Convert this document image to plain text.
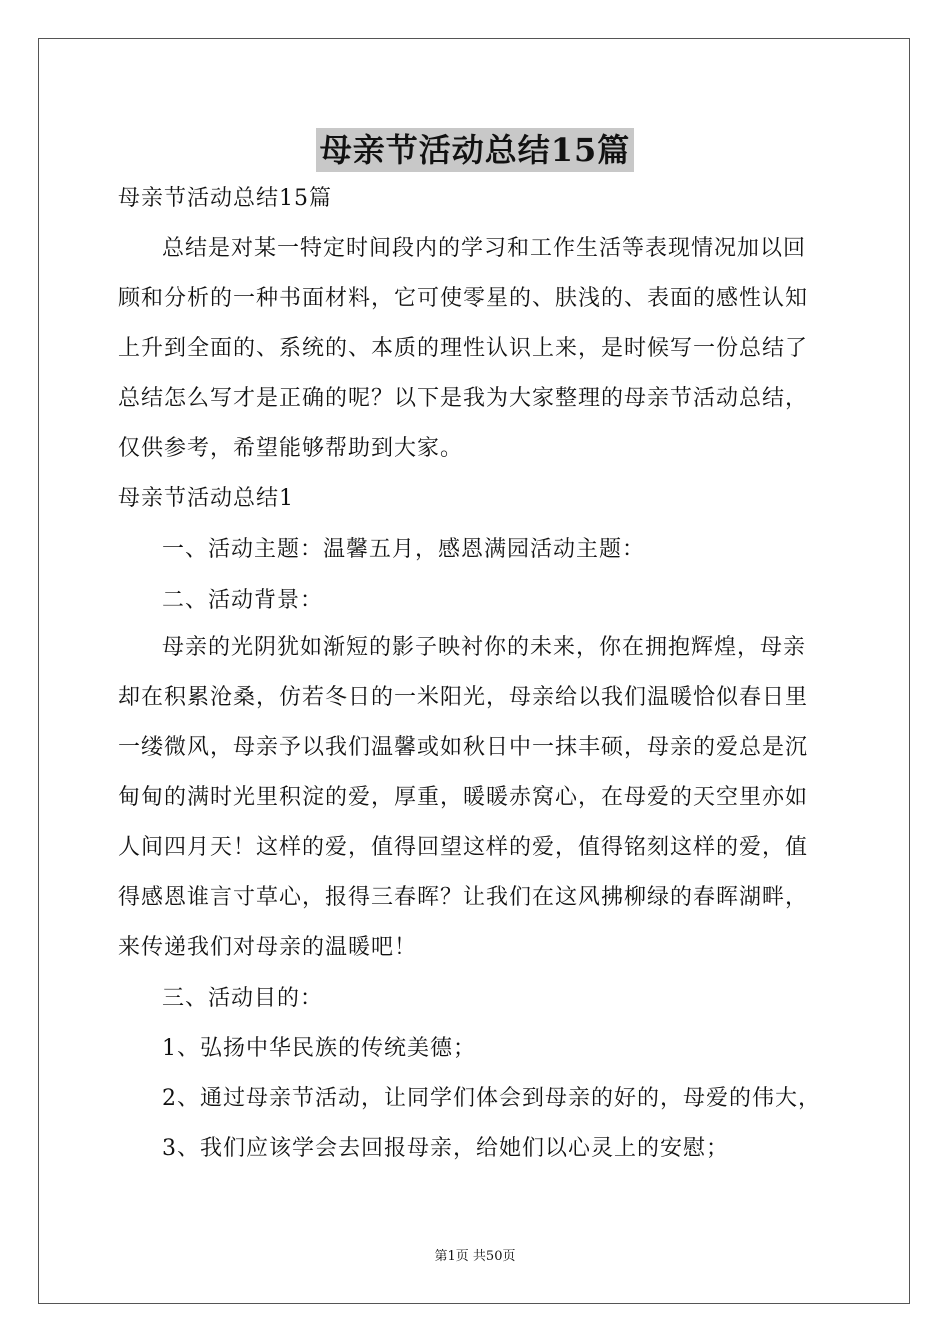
母亲节活动总结15篇
母亲节活动总结15篇
总结是对某一特定时间段内的学习和工作生活等表现情况加以回
顾和分析的一种书面材料，它可使零星的、肤浅的、表面的感性认知
上升到全面的、系统的、本质的理性认识上来，是时候写一份总结了
总结怎么写才是正确的呢？以下是我为大家整理的母亲节活动总结，
仅供参考，希望能够帮助到大家。
母亲节活动总结1
一、活动主题：温馨五月，感恩满园活动主题：
二、活动背景：
母亲的光阴犹如渐短的影子映衬你的未来，你在拥抱辉煌，母亲
却在积累沧桑，仿若冬日的一米阳光，母亲给以我们温暖恰似春日里
一缕微风，母亲予以我们温馨或如秋日中一抹丰硕，母亲的爱总是沉
甸甸的满时光里积淀的爱，厚重，暖暖赤窝心，在母爱的天空里亦如
人间四月天！这样的爱，值得回望这样的爱，值得铭刻这样的爱，值
得感恩谁言寸草心，报得三春晖？让我们在这风拂柳绿的春晖湖畔，
来传递我们对母亲的温暖吧！
三、活动目的：
1、弘扬中华民族的传统美德；
2、通过母亲节活动，让同学们体会到母亲的好的，母爱的伟大，
3、我们应该学会去回报母亲，给她们以心灵上的安慰；
第1页 共50页
